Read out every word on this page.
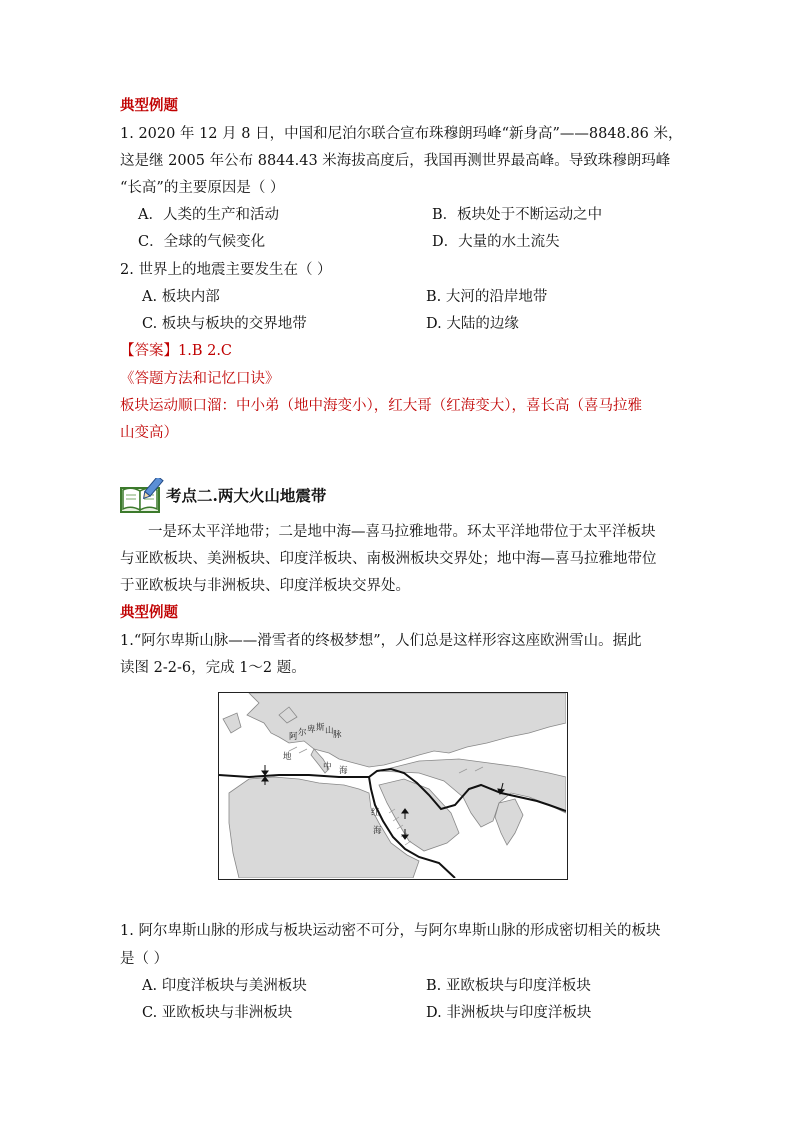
典型例题
1. 2020 年 12 月 8 日，中国和尼泊尔联合宣布珠穆朗玛峰“新身高”——8848.86 米，
这是继 2005 年公布 8844.43 米海拔高度后，我国再测世界最高峰。导致珠穆朗玛峰
“长高”的主要原因是（ ）
A．人类的生产和活动	B．板块处于不断运动之中
C．全球的气候变化	D．大量的水土流失
2. 世界上的地震主要发生在（ ）
A. 板块内部	B. 大河的沿岸地带
C. 板块与板块的交界地带	D. 大陆的边缘
【答案】1.B 2.C
《答题方法和记忆口诀》
板块运动顺口溜：中小弟（地中海变小），红大哥（红海变大），喜长高（喜马拉雅
山变高）
考点二.两大火山地震带
一是环太平洋地带；二是地中海—喜马拉雅地带。环太平洋地带位于太平洋板块
与亚欧板块、美洲板块、印度洋板块、南极洲板块交界处；地中海—喜马拉雅地带位
于亚欧板块与非洲板块、印度洋板块交界处。
典型例题
1.“阿尔卑斯山脉——滑雪者的终极梦想”，人们总是这样形容这座欧洲雪山。据此
读图 2-2-6，完成 1～2 题。
阿 尔 卑 斯 山 脉
地
中 海
红
海
1. 阿尔卑斯山脉的形成与板块运动密不可分，与阿尔卑斯山脉的形成密切相关的板块
是（ ）
A. 印度洋板块与美洲板块	B. 亚欧板块与印度洋板块
C. 亚欧板块与非洲板块	D. 非洲板块与印度洋板块
